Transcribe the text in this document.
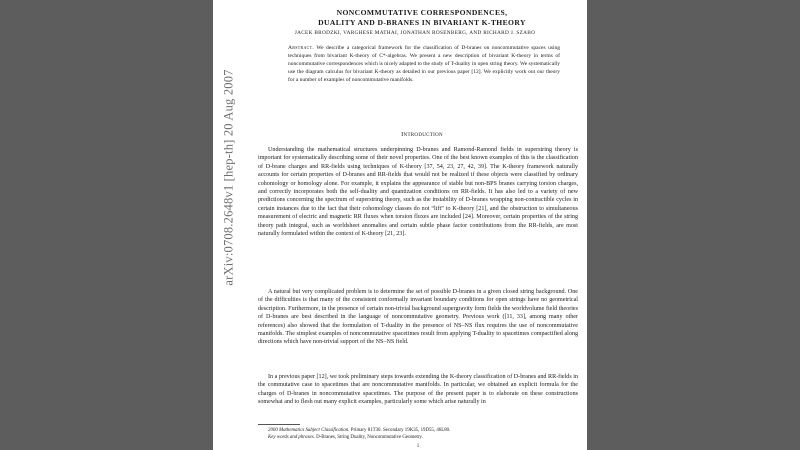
arXiv:0708.2648v1 [hep-th] 20 Aug 2007
NONCOMMUTATIVE CORRESPONDENCES,
DUALITY AND D-BRANES IN BIVARIANT K-THEORY
JACEK BRODZKI, VARGHESE MATHAI, JONATHAN ROSENBERG, AND RICHARD J. SZABO

Abstract. We describe a categorical framework for the classification of D-branes on noncommutative spaces using techniques from bivariant K-theory of C*-algebras. We present a new description of bivariant K-theory in terms of noncommutative correspondences which is nicely adapted to the study of T-duality in open string theory. We systematically use the diagram calculus for bivariant K-theory as detailed in our previous paper [12]. We explicitly work out our theory for a number of examples of noncommutative manifolds.

Introduction

Understanding the mathematical structures underpinning D-branes and Ramond-Ramond fields in superstring theory is important for systematically describing some of their novel properties. One of the best known examples of this is the classification of D-brane charges and RR-fields using techniques of K-theory [37, 54, 23, 27, 42, 39]. The K-theory framework naturally accounts for certain properties of D-branes and RR-fields that would not be realized if these objects were classified by ordinary cohomology or homology alone. For example, it explains the appearance of stable but non-BPS branes carrying torsion charges, and correctly incorporates both the self-duality and quantization conditions on RR-fields. It has also led to a variety of new predictions concerning the spectrum of superstring theory, such as the instability of D-branes wrapping non-contractible cycles in certain instances due to the fact that their cohomology classes do not “lift” to K-theory [21], and the obstruction to simultaneous measurement of electric and magnetic RR fluxes when torsion fluxes are included [24]. Moreover, certain properties of the string theory path integral, such as worldsheet anomalies and certain subtle phase factor contributions from the RR-fields, are most naturally formulated within the context of K-theory [21, 23].

A natural but very complicated problem is to determine the set of possible D-branes in a given closed string background. One of the difficulties is that many of the consistent conformally invariant boundary conditions for open strings have no geometrical description. Furthermore, in the presence of certain non-trivial background supergravity form fields the worldvolume field theories of D-branes are best described in the language of noncommutative geometry. Previous work ([11, 33], among many other references) also showed that the formulation of T-duality in the presence of NS–NS flux requires the use of noncommutative manifolds. The simplest examples of noncommutative spacetimes result from applying T-duality to spacetimes compactified along directions which have non-trivial support of the NS–NS field.

In a previous paper [12], we took preliminary steps towards extending the K-theory classification of D-branes and RR-fields in the commutative case to spacetimes that are noncommutative manifolds. In particular, we obtained an explicit formula for the charges of D-branes in noncommutative spacetimes. The purpose of the present paper is to elaborate on these constructions somewhat and to flesh out many explicit examples, particularly some which arise naturally in

2000 Mathematics Subject Classification. Primary 81T30. Secondary 19K35, 19D55, 46L80.

Key words and phrases. D-Branes, String Duality, Noncommutative Geometry.

1
